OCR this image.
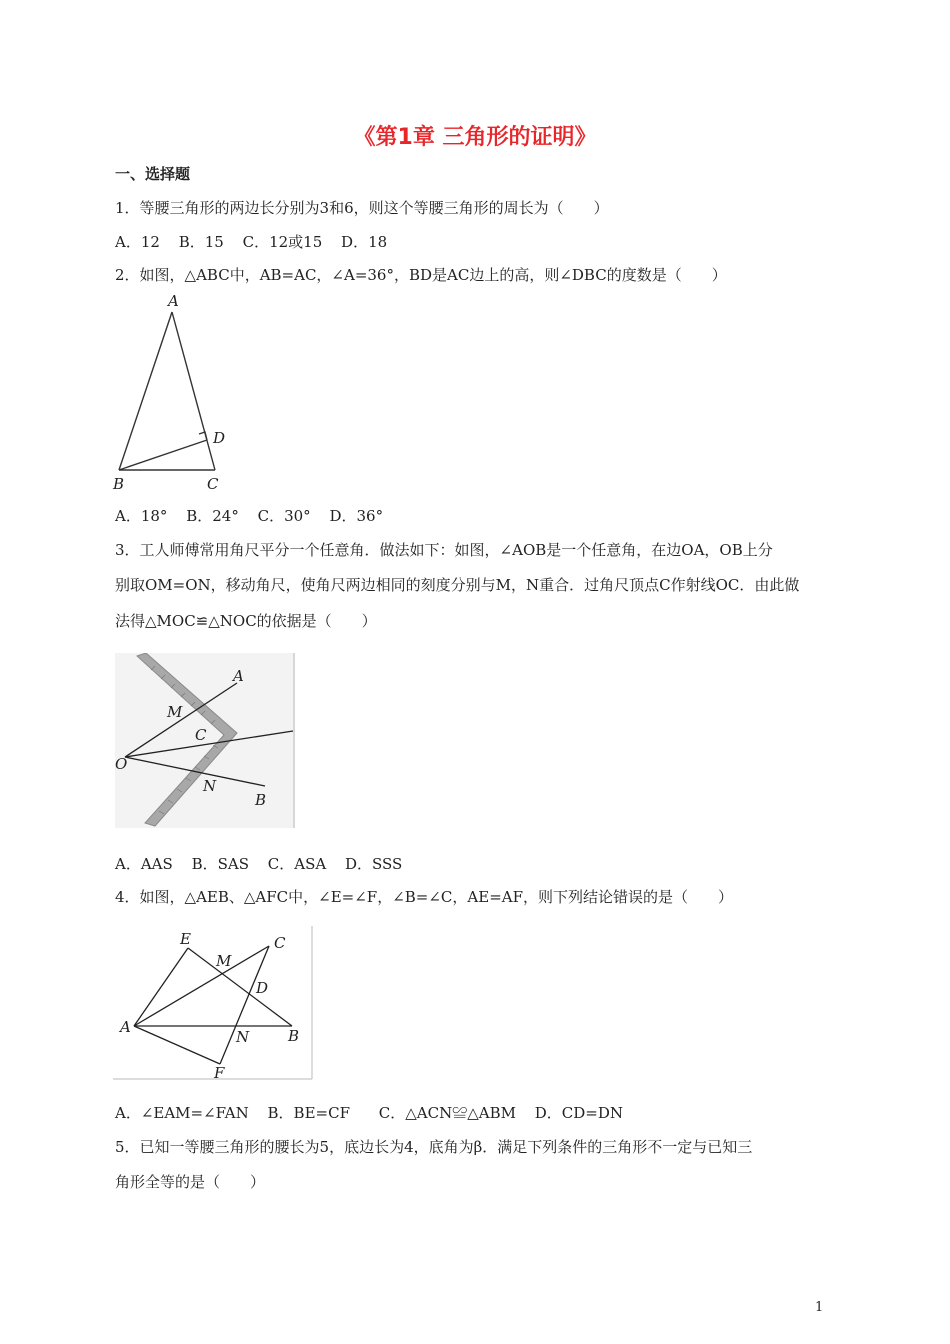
《第1章 三角形的证明》
一、选择题
1．等腰三角形的两边长分别为3和6，则这个等腰三角形的周长为（　　）
A．12 B．15 C．12或15 D．18
2．如图，△ABC中，AB=AC，∠A=36°，BD是AC边上的高，则∠DBC的度数是（　　）
A
B	C
D
A．18° B．24° C．30° D．36°
3．工人师傅常用角尺平分一个任意角．做法如下：如图，∠AOB是一个任意角，在边OA，OB上分
别取OM=ON，移动角尺，使角尺两边相同的刻度分别与M，N重合．过角尺顶点C作射线OC．由此做
法得△MOC≌△NOC的依据是（　　）
A
M
C
O
N
B
A．AAS B．SAS C．ASA D．SSS
4．如图，△AEB、△AFC中，∠E=∠F，∠B=∠C，AE=AF，则下列结论错误的是（　　）
E	C
M
D
A
N	B
F
A．∠EAM=∠FAN B．BE=CF C．△ACN≌△ABM D．CD=DN
5．已知一等腰三角形的腰长为5，底边长为4，底角为β．满足下列条件的三角形不一定与已知三
角形全等的是（　　）
1
